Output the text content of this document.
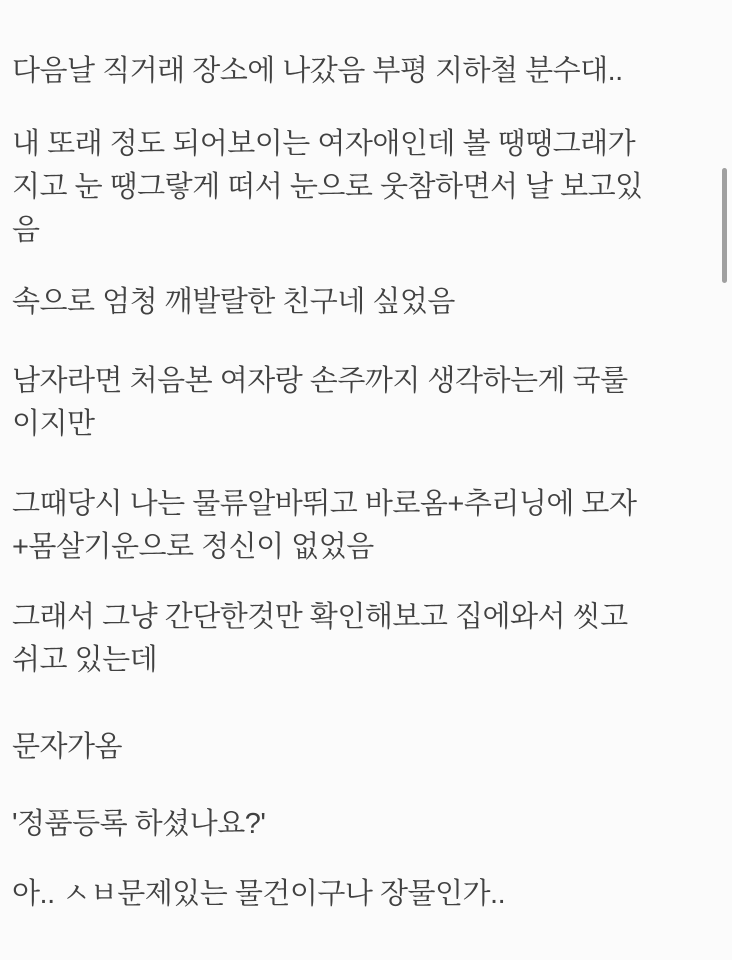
다음날 직거래 장소에 나갔음 부평 지하철 분수대..

내 또래 정도 되어보이는 여자애인데 볼 땡땡그래가
지고 눈 땡그랗게 떠서 눈으로 웃참하면서 날 보고있
음

속으로 엄청 깨발랄한 친구네 싶었음

남자라면 처음본 여자랑 손주까지 생각하는게 국룰
이지만

그때당시 나는 물류알바뛰고 바로옴+추리닝에 모자
+몸살기운으로 정신이 없었음

그래서 그냥 간단한것만 확인해보고 집에와서 씻고
쉬고 있는데

문자가옴

'정품등록 하셨나요?'

아.. ㅅㅂ문제있는 물건이구나 장물인가..
